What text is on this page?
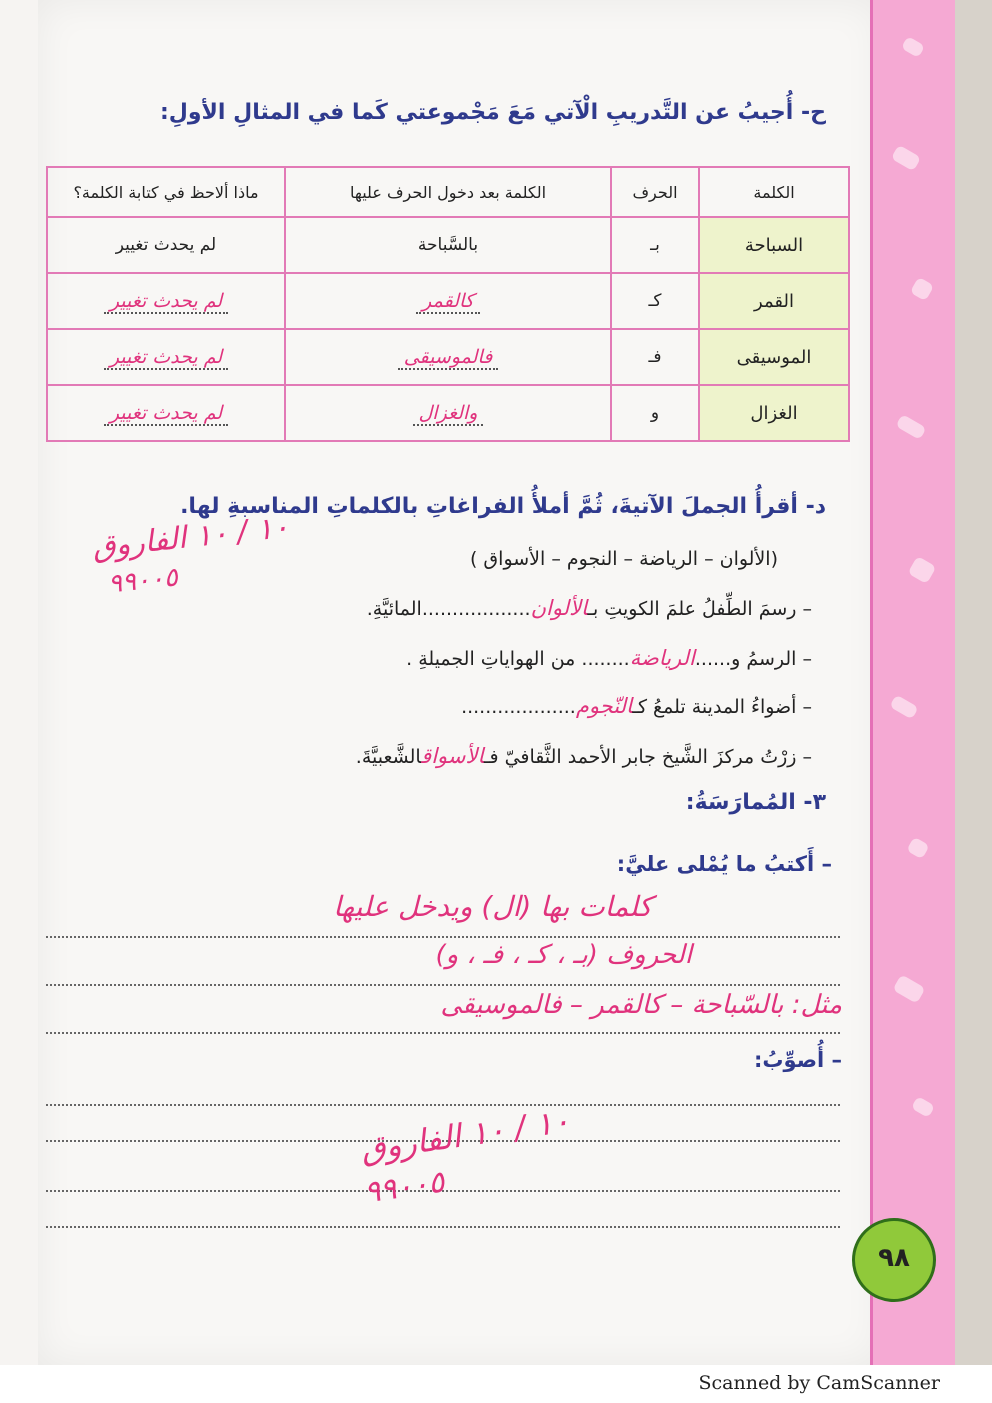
ح- أُجيبُ عن التَّدريبِ الْآتي مَعَ مَجْموعتي كَما في المثالِ الأولِ:
الكلمة	الحرف	الكلمة بعد دخول الحرف عليها	ماذا ألاحظ في كتابة الكلمة؟
السباحة	بـ	بالسَّباحة	لم يحدث تغيير
القمر	كـ	كالقمر	لم يحدث تغيير
الموسيقى	فـ	فالموسيقى	لم يحدث تغيير
الغزال	و	والغزال	لم يحدث تغيير
د- أقرأُ الجملَ الآتيةَ، ثُمَّ أملأُ الفراغاتِ بالكلماتِ المناسبةِ لها.
(الألوان – الرياضة – النجوم – الأسواق )
– رسمَ الطِّفلُ علمَ الكويتِ بـالألوان..................المائيَّةِ.
– الرسمُ و......الرياضة........ من الهواياتِ الجميلةِ .
– أضواءُ المدينة تلمعُ كـالنّجوم...................
– زرْتُ مركزَ الشَّيخ جابر الأحمد الثَّقافيّ فـالأسواقالشَّعبيَّةَ.
١٠ / ١٠ الفاروق
٩٩٠٠٥
٣- المُمارَسَةُ:
– أَكتبُ ما يُمْلى عليَّ:
كلمات بها (ال) ويدخل عليها
الحروف (بـ ، كـ ، فـ ، و)
مثل: بالسّباحة – كالقمر – فالموسيقى
– أُصوِّبُ:
١٠ / ١٠ الفاروق
٩٩٠٠٥
٩٨
Scanned by CamScanner
